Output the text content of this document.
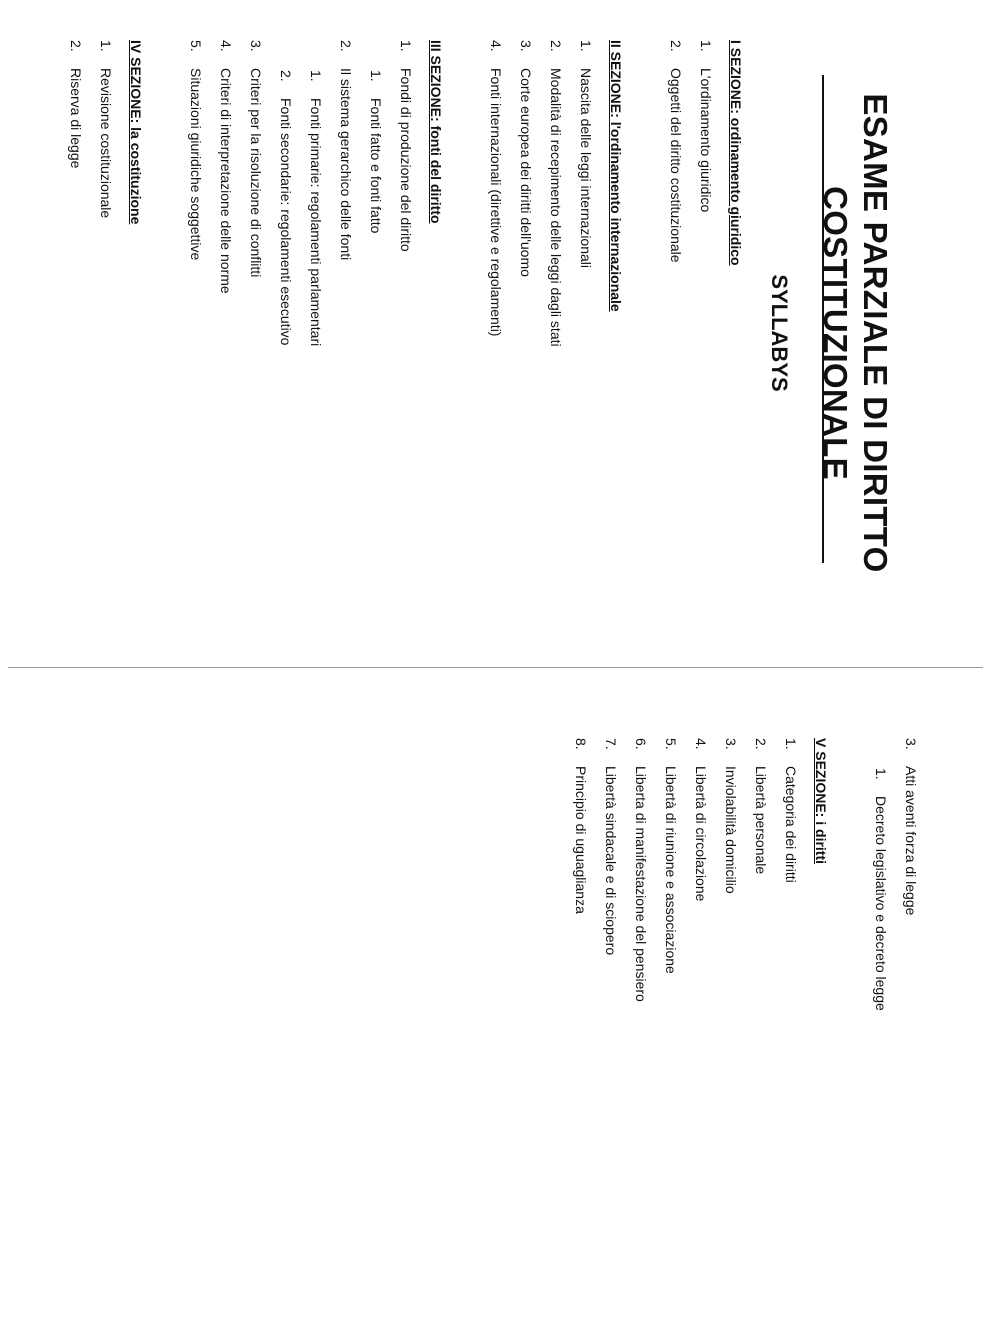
ESAME PARZIALE DI DIRITTO
COSTITUZIONALE
SYLLABYS
I SEZIONE: ordinamento giuridico
1.
L'ordinamento giuridico
2.
Oggetti del diritto costituzionale
II SEZIONE: l'ordinamento internazionale
1.
Nascita delle leggi internazionali
2.
Modalità di recepimento delle leggi dagli stati
3.
Corte europea dei diritti dell'uomo
4.
Fonti internazionali (direttive e regolamenti)
III SEZIONE: fonti del diritto
1.
Fondi di produzione del diritto
1.
Fonti fatto e fonti fatto
2.
Il sistema gerarchico delle fonti
1.
Fonti primarie: regolamenti parlamentari
2.
Fonti secondarie: regolamenti esecutivo
3.
Criteri per la risoluzione di conflitti
4.
Criteri di interpretazione delle norme
5.
Situazioni giuridiche soggettive
IV SEZIONE: la costituzione
1.
Revisione costituzionale
2.
Riserva di legge
3.
Atti aventi forza di legge
1.
Decreto legislativo e decreto legge
V SEZIONE: i diritti
1.
Categoria dei diritti
2.
Libertà personale
3.
Inviolabilità domicilio
4.
Libertà di circolazione
5.
Libertà di riunione e associazione
6.
Liberta di manifestazione del pensiero
7.
Libertà sindacale e di sciopero
8.
Principio di uguaglianza
